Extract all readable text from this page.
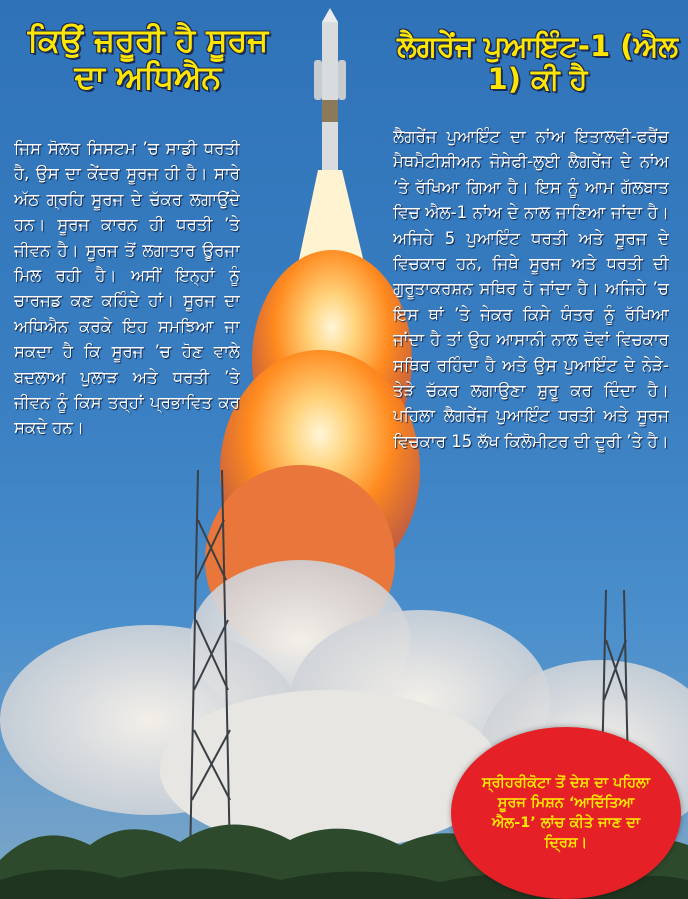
ਕਿਉਂ ਜ਼ਰੂਰੀ ਹੈ ਸੂਰਜ ਦਾ ਅਧਿਐਨ
ਲੈਗਰੇਂਜ ਪੁਆਇੰਟ-1 (ਐਲ 1) ਕੀ ਹੈ

ਜਿਸ ਸੋਲਰ ਸਿਸਟਮ ’ਚ ਸਾਡੀ ਧਰਤੀ ਹੈ, ਉਸ ਦਾ ਕੇਂਦਰ ਸੂਰਜ ਹੀ ਹੈ। ਸਾਰੇ ਅੱਠ ਗ੍ਰਹਿ ਸੂਰਜ ਦੇ ਚੱਕਰ ਲਗਾਉਂਦੇ ਹਨ। ਸੂਰਜ ਕਾਰਨ ਹੀ ਧਰਤੀ ’ਤੇ ਜੀਵਨ ਹੈ। ਸੂਰਜ ਤੋਂ ਲਗਾਤਾਰ ਊਰਜਾ ਮਿਲ ਰਹੀ ਹੈ। ਅਸੀਂ ਇਨ੍ਹਾਂ ਨੂੰ ਚਾਰਜਡ ਕਣ ਕਹਿੰਦੇ ਹਾਂ। ਸੂਰਜ ਦਾ ਅਧਿਐਨ ਕਰਕੇ ਇਹ ਸਮਝਿਆ ਜਾ ਸਕਦਾ ਹੈ ਕਿ ਸੂਰਜ ’ਚ ਹੋਣ ਵਾਲੇ ਬਦਲਾਅ ਪੁਲਾੜ ਅਤੇ ਧਰਤੀ ’ਤੇ ਜੀਵਨ ਨੂੰ ਕਿਸ ਤਰ੍ਹਾਂ ਪ੍ਰਭਾਵਿਤ ਕਰ ਸਕਦੇ ਹਨ।

ਲੈਗਰੇਂਜ ਪੁਆਇੰਟ ਦਾ ਨਾਂਅ ਇਤਾਲਵੀ-ਫਰੈਂਚ ਮੈਥਮੈਟੀਸ਼ੀਅਨ ਜੋਸੇਫੀ-ਲੁਈ ਲੈਗਰੇਂਜ ਦੇ ਨਾਂਅ ’ਤੇ ਰੱਖਿਆ ਗਿਆ ਹੈ। ਇਸ ਨੂੰ ਆਮ ਗੱਲਬਾਤ ਵਿਚ ਐਲ-1 ਨਾਂਅ ਦੇ ਨਾਲ ਜਾਣਿਆ ਜਾਂਦਾ ਹੈ। ਅਜਿਹੇ 5 ਪੁਆਇੰਟ ਧਰਤੀ ਅਤੇ ਸੂਰਜ ਦੇ ਵਿਚਕਾਰ ਹਨ, ਜਿਥੇ ਸੂਰਜ ਅਤੇ ਧਰਤੀ ਦੀ ਗੁਰੂਤਾਕਰਸ਼ਨ ਸਥਿਰ ਹੋ ਜਾਂਦਾ ਹੈ। ਅਜਿਹੇ ’ਚ ਇਸ ਥਾਂ ’ਤੇ ਜੇਕਰ ਕਿਸੇ ਯੰਤਰ ਨੂੰ ਰੱਖਿਆ ਜਾਂਦਾ ਹੈ ਤਾਂ ਉਹ ਆਸਾਨੀ ਨਾਲ ਦੋਵਾਂ ਵਿਚਕਾਰ ਸਥਿਰ ਰਹਿੰਦਾ ਹੈ ਅਤੇ ਉਸ ਪੁਆਇੰਟ ਦੇ ਨੇੜੇ-ਤੇੜੇ ਚੱਕਰ ਲਗਾਉਣਾ ਸ਼ੁਰੂ ਕਰ ਦਿੰਦਾ ਹੈ। ਪਹਿਲਾ ਲੈਗਰੇਂਜ ਪੁਆਇੰਟ ਧਰਤੀ ਅਤੇ ਸੂਰਜ ਵਿਚਕਾਰ 15 ਲੱਖ ਕਿਲੋਮੀਟਰ ਦੀ ਦੂਰੀ ’ਤੇ ਹੈ।

ਸ੍ਰੀਹਰੀਕੋਟਾ ਤੋਂ ਦੇਸ਼ ਦਾ ਪਹਿਲਾ ਸੂਰਜ ਮਿਸ਼ਨ ‘ਆਦਿੱਤਿਆ ਐਲ-1’ ਲਾਂਚ ਕੀਤੇ ਜਾਣ ਦਾ ਦ੍ਰਿਸ਼।
